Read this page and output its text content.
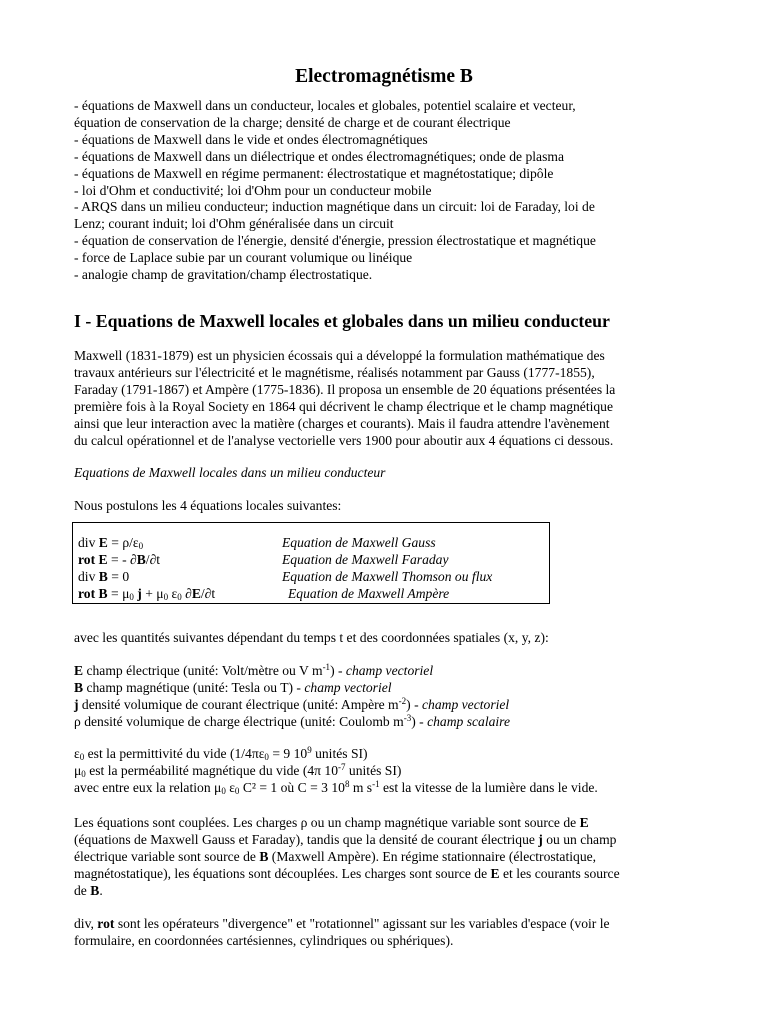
Electromagnétisme B
- équations de Maxwell dans un conducteur, locales et globales, potentiel scalaire et vecteur,
équation de conservation de la charge; densité de charge et de courant électrique
- équations de Maxwell dans le vide et ondes électromagnétiques
- équations de Maxwell dans un diélectrique et ondes électromagnétiques; onde de plasma
- équations de Maxwell en régime permanent: électrostatique et magnétostatique; dipôle
- loi d'Ohm et conductivité; loi d'Ohm pour un conducteur mobile
- ARQS dans un milieu conducteur; induction magnétique dans un circuit: loi de Faraday, loi de
Lenz; courant induit; loi d'Ohm généralisée dans un circuit
- équation de conservation de l'énergie, densité d'énergie, pression électrostatique et magnétique
- force de Laplace subie par un courant volumique ou linéique
- analogie champ de gravitation/champ électrostatique.
I - Equations de Maxwell locales et globales dans un milieu conducteur
Maxwell (1831-1879) est un physicien écossais qui a développé la formulation mathématique des
travaux antérieurs sur l'électricité et le magnétisme, réalisés notamment par Gauss (1777-1855),
Faraday (1791-1867) et Ampère (1775-1836). Il proposa un ensemble de 20 équations présentées la
première fois à la Royal Society en 1864 qui décrivent le champ électrique et le champ magnétique
ainsi que leur interaction avec la matière (charges et courants). Mais il faudra attendre l'avènement
du calcul opérationnel et de l'analyse vectorielle vers 1900 pour aboutir aux 4 équations ci dessous.
Equations de Maxwell locales dans un milieu conducteur
Nous postulons les 4 équations locales suivantes:
div $E = \rho/\varepsilon_0$	Equation de Maxwell Gauss
rot E = - ∂B/∂t	Equation de Maxwell Faraday
div B = 0	Equation de Maxwell Thomson ou flux
rot $B = \mu_0$ $j + \mu_0$ $\varepsilon_0$ ∂E/∂t	Equation de Maxwell Ampère
avec les quantités suivantes dépendant du temps t et des coordonnées spatiales (x, y, z):
E champ électrique (unité: Volt/mètre ou V $m^{-1}$) - champ vectoriel
B champ magnétique (unité: Tesla ou T) - champ vectoriel
j densité volumique de courant électrique (unité: Ampère $m^{-2}$) - champ vectoriel
ρ densité volumique de charge électrique (unité: Coulomb $m^{-3}$) - champ scalaire
$\varepsilon_0$ est la permittivité du vide ($1/4\pi\varepsilon_0 = 9$ $10^9$ unités SI)
$\mu_0$ est la perméabilité magnétique du vide (4π $10^{-7}$ unités SI)
avec entre eux la relation $\mu_0$ $\varepsilon_0$ C² = 1 où C = 3 $10^8$ m $s^{-1}$ est la vitesse de la lumière dans le vide.
Les équations sont couplées. Les charges ρ ou un champ magnétique variable sont source de E
(équations de Maxwell Gauss et Faraday), tandis que la densité de courant électrique j ou un champ
électrique variable sont source de B (Maxwell Ampère). En régime stationnaire (électrostatique,
magnétostatique), les équations sont découplées. Les charges sont source de E et les courants source
de B.
div, rot sont les opérateurs "divergence" et "rotationnel" agissant sur les variables d'espace (voir le
formulaire, en coordonnées cartésiennes, cylindriques ou sphériques).
